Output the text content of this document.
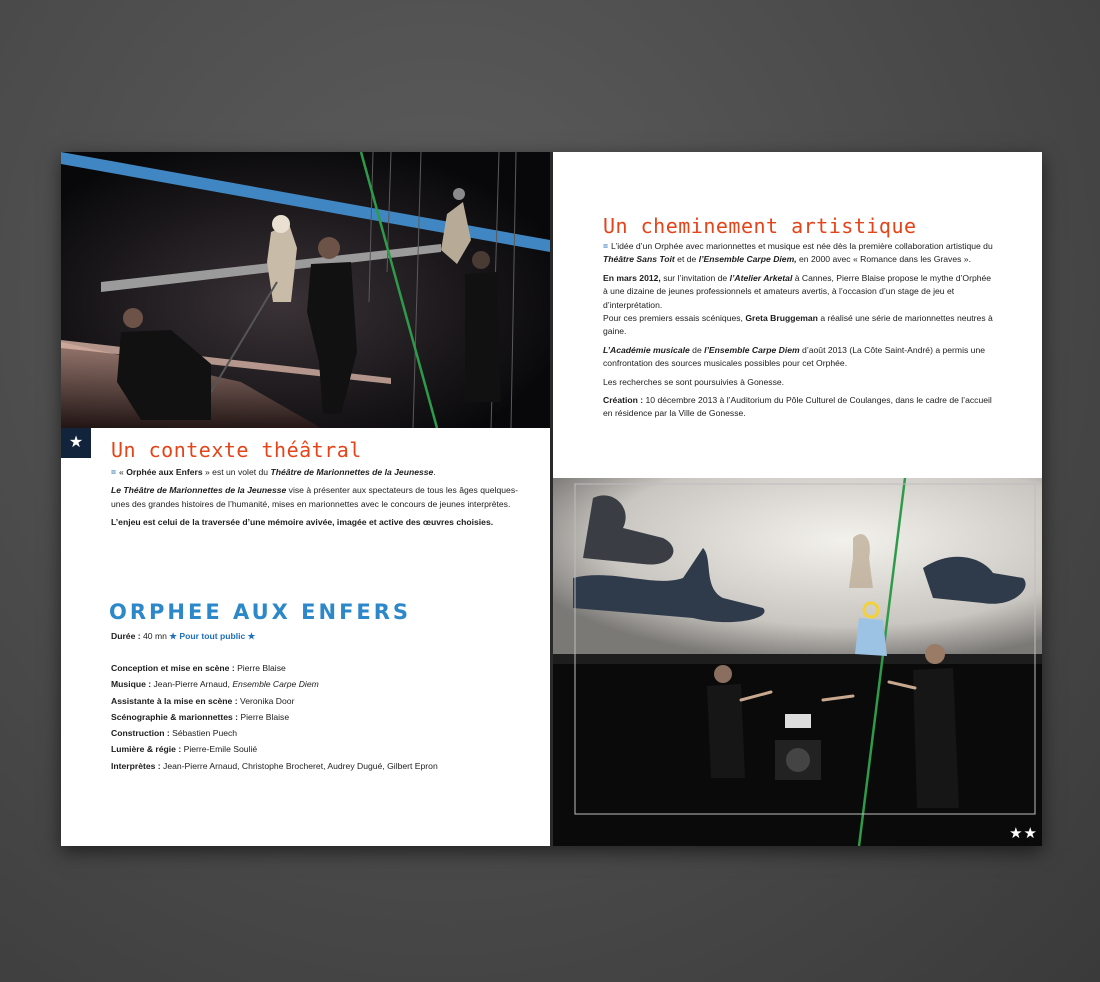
★	Un contexte théâtral

= « Orphée aux Enfers » est un volet du Théâtre de Marionnettes de la Jeunesse.

Le Théâtre de Marionnettes de la Jeunesse vise à présenter aux spectateurs de tous les âges quelques-unes des grandes histoires de l’humanité, mises en marionnettes avec le concours de jeunes interprètes.

L’enjeu est celui de la traversée d’une mémoire avivée, imagée et active des œuvres choisies.

ORPHEE AUX ENFERS
Durée : 40 mn ★ Pour tout public ★
Conception et mise en scène : Pierre Blaise
Musique : Jean-Pierre Arnaud, Ensemble Carpe Diem
Assistante à la mise en scène : Veronika Door
Scénographie & marionnettes : Pierre Blaise
Construction : Sébastien Puech
Lumière & régie : Pierre-Emile Soulié
Interprètes : Jean-Pierre Arnaud, Christophe Brocheret, Audrey Dugué, Gilbert Epron
Un cheminement artistique

= L’idée d’un Orphée avec marionnettes et musique est née dès la première collaboration artistique du Théâtre Sans Toit et de l’Ensemble Carpe Diem, en 2000 avec « Romance dans les Graves ».

En mars 2012, sur l’invitation de l’Atelier Arketal à Cannes, Pierre Blaise propose le mythe d’Orphée à une dizaine de jeunes professionnels et amateurs avertis, à l’occasion d’un stage de jeu et d’interprétation.
Pour ces premiers essais scéniques, Greta Bruggeman a réalisé une série de marionnettes neutres à gaine.

L’Académie musicale de l’Ensemble Carpe Diem d’août 2013 (La Côte Saint-André) a permis une confrontation des sources musicales possibles pour cet Orphée.

Les recherches se sont poursuivies à Gonesse.

Création : 10 décembre 2013 à l’Auditorium du Pôle Culturel de Coulanges, dans le cadre de l’accueil en résidence par la Ville de Gonesse.

★★
